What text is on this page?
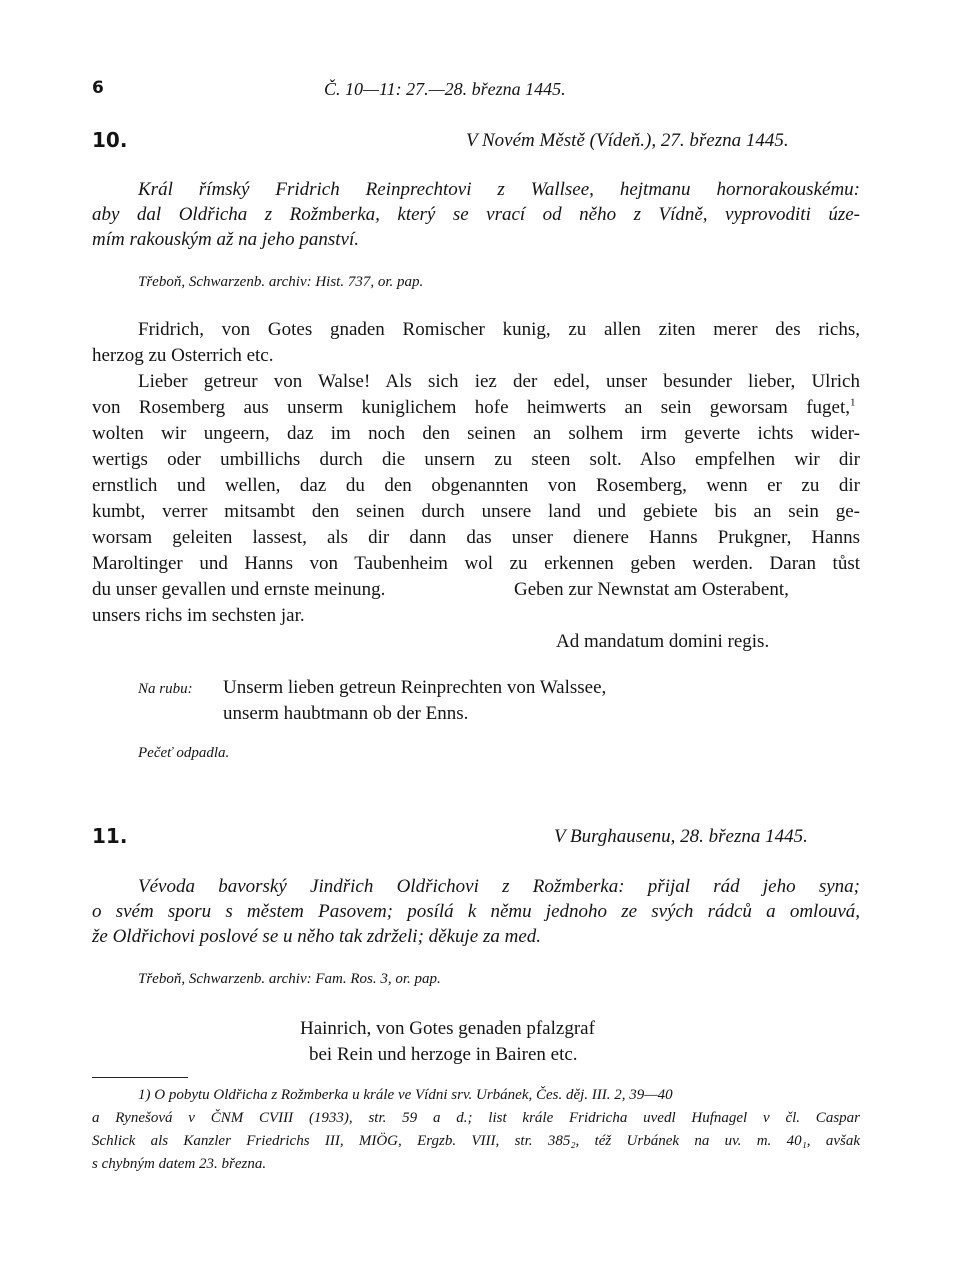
6	Č. 10—11: 27.—28. března 1445.
10.	V Novém Městě (Vídeň.), 27. března 1445.
Král římský Fridrich Reinprechtovi z Wallsee, hejtmanu hornorakouskému:
aby dal Oldřicha z Rožmberka, který se vrací od něho z Vídně, vyprovoditi úze-
mím rakouským až na jeho panství.
Třeboň, Schwarzenb. archiv: Hist. 737, or. pap.
Fridrich, von Gotes gnaden Romischer kunig, zu allen ziten merer des richs,
herzog zu Osterrich etc.
Lieber getreur von Walse! Als sich iez der edel, unser besunder lieber, Ulrich
von Rosemberg aus unserm kuniglichem hofe heimwerts an sein geworsam fuget,$^1$
wolten wir ungeern, daz im noch den seinen an solhem irm geverte ichts wider-
wertigs oder umbillichs durch die unsern zu steen solt. Also empfelhen wir dir
ernstlich und wellen, daz du den obgenannten von Rosemberg, wenn er zu dir
kumbt, verrer mitsambt den seinen durch unsere land und gebiete bis an sein ge-
worsam geleiten lassest, als dir dann das unser dienere Hanns Prukgner, Hanns
Maroltinger und Hanns von Taubenheim wol zu erkennen geben werden. Daran tůst
du unser gevallen und ernste meinung.	Geben zur Newnstat am Osterabent,
unsers richs im sechsten jar.
Ad mandatum domini regis.
Na rubu: Unserm lieben getreun Reinprechten von Walssee,
unserm haubtmann ob der Enns.
Pečeť odpadla.
11.	V Burghausenu, 28. března 1445.
Vévoda bavorský Jindřich Oldřichovi z Rožmberka: přijal rád jeho syna;
o svém sporu s městem Pasovem; posílá k němu jednoho ze svých rádců a omlouvá,
že Oldřichovi poslové se u něho tak zdrželi; děkuje za med.
Třeboň, Schwarzenb. archiv: Fam. Ros. 3, or. pap.
Hainrich, von Gotes genaden pfalzgraf
bei Rein und herzoge in Bairen etc.
1) O pobytu Oldřicha z Rožmberka u krále ve Vídni srv. Urbánek, Čes. děj. III. 2, 39—40
a Rynešová v ČNM CVIII (1933), str. 59 a d.; list krále Fridricha uvedl Hufnagel v čl. Caspar
Schlick als Kanzler Friedrichs III, MIÖG, Ergzb. VIII, str. 385₂, též Urbánek na uv. m. 40₁, avšak
s chybným datem 23. března.
